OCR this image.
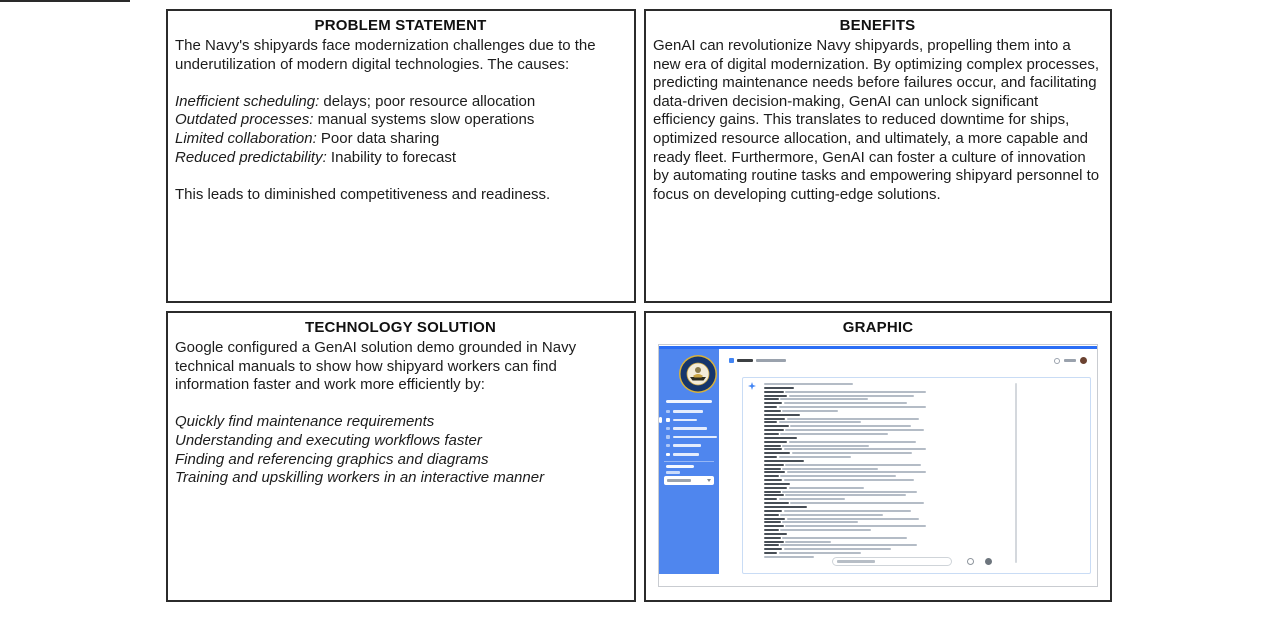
PROBLEM STATEMENT

The Navy's shipyards face modernization challenges due to the underutilization of modern digital technologies. The causes:

Inefficient scheduling: delays; poor resource allocation
Outdated processes: manual systems slow operations
Limited collaboration: Poor data sharing
Reduced predictability: Inability to forecast

This leads to diminished competitiveness and readiness.

BENEFITS

GenAI can revolutionize Navy shipyards, propelling them into a new era of digital modernization. By optimizing complex processes, predicting maintenance needs before failures occur, and facilitating data-driven decision-making, GenAI can unlock significant efficiency gains. This translates to reduced downtime for ships, optimized resource allocation, and ultimately, a more capable and ready fleet. Furthermore, GenAI can foster a culture of innovation by automating routine tasks and empowering shipyard personnel to focus on developing cutting-edge solutions.

TECHNOLOGY SOLUTION

Google configured a GenAI solution demo grounded in Navy technical manuals to show how shipyard workers can find information faster and work more efficiently by:

Quickly find maintenance requirements
Understanding and executing workflows faster
Finding and referencing graphics and diagrams
Training and upskilling workers in an interactive manner
GRAPHIC
